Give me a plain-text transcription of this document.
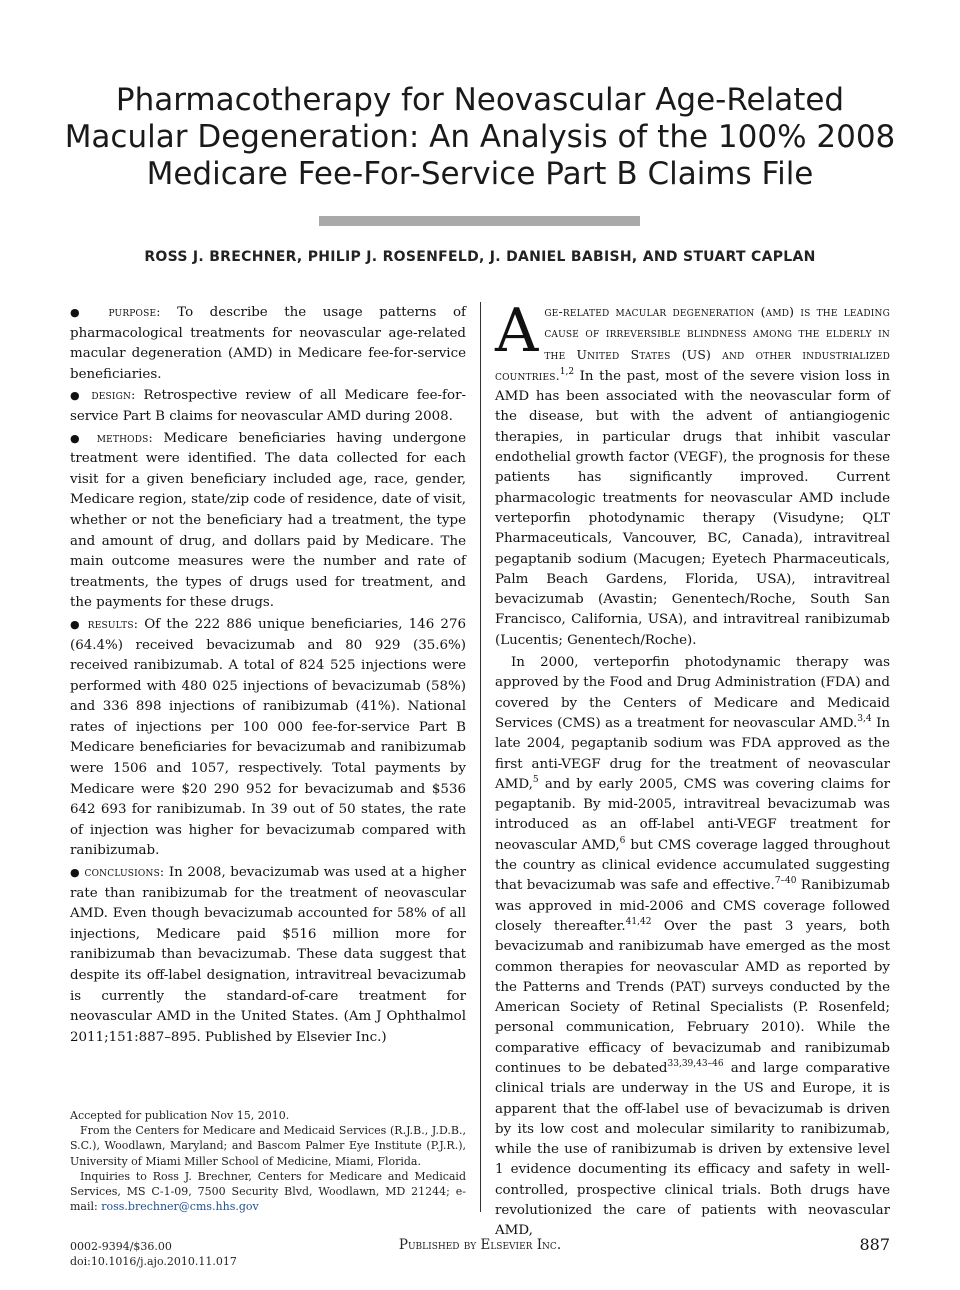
Pharmacotherapy for Neovascular Age-Related Macular Degeneration: An Analysis of the 100% 2008 Medicare Fee-For-Service Part B Claims File
ROSS J. BRECHNER, PHILIP J. ROSENFELD, J. DANIEL BABISH, AND STUART CAPLAN

● purpose: To describe the usage patterns of pharmacological treatments for neovascular age-related macular degeneration (AMD) in Medicare fee-for-service beneficiaries.

● design: Retrospective review of all Medicare fee-for-service Part B claims for neovascular AMD during 2008.

● methods: Medicare beneficiaries having undergone treatment were identified. The data collected for each visit for a given beneficiary included age, race, gender, Medicare region, state/zip code of residence, date of visit, whether or not the beneficiary had a treatment, the type and amount of drug, and dollars paid by Medicare. The main outcome measures were the number and rate of treatments, the types of drugs used for treatment, and the payments for these drugs.

● results: Of the 222 886 unique beneficiaries, 146 276 (64.4%) received bevacizumab and 80 929 (35.6%) received ranibizumab. A total of 824 525 injections were performed with 480 025 injections of bevacizumab (58%) and 336 898 injections of ranibizumab (41%). National rates of injections per 100 000 fee-for-service Part B Medicare beneficiaries for bevacizumab and ranibizumab were 1506 and 1057, respectively. Total payments by Medicare were $20 290 952 for bevacizumab and $536 642 693 for ranibizumab. In 39 out of 50 states, the rate of injection was higher for bevacizumab compared with ranibizumab.

● conclusions: In 2008, bevacizumab was used at a higher rate than ranibizumab for the treatment of neovascular AMD. Even though bevacizumab accounted for 58% of all injections, Medicare paid $516 million more for ranibizumab than bevacizumab. These data suggest that despite its off-label designation, intravitreal bevacizumab is currently the standard-of-care treatment for neovascular AMD in the United States. (Am J Ophthalmol 2011;151:887–895. Published by Elsevier Inc.)

Age-related macular degeneration (amd) is the leading cause of irreversible blindness among the elderly in the United States (US) and other industrialized countries.$^{1,2}$ In the past, most of the severe vision loss in AMD has been associated with the neovascular form of the disease, but with the advent of antiangiogenic therapies, in particular drugs that inhibit vascular endothelial growth factor (VEGF), the prognosis for these patients has significantly improved. Current pharmacologic treatments for neovascular AMD include verteporfin photodynamic therapy (Visudyne; QLT Pharmaceuticals, Vancouver, BC, Canada), intravitreal pegaptanib sodium (Macugen; Eyetech Pharmaceuticals, Palm Beach Gardens, Florida, USA), intravitreal bevacizumab (Avastin; Genentech/Roche, South San Francisco, California, USA), and intravitreal ranibizumab (Lucentis; Genentech/Roche).

In 2000, verteporfin photodynamic therapy was approved by the Food and Drug Administration (FDA) and covered by the Centers of Medicare and Medicaid Services (CMS) as a treatment for neovascular AMD.$^{3,4}$ In late 2004, pegaptanib sodium was FDA approved as the first anti-VEGF drug for the treatment of neovascular AMD,$^5$ and by early 2005, CMS was covering claims for pegaptanib. By mid-2005, intravitreal bevacizumab was introduced as an off-label anti-VEGF treatment for neovascular AMD,$^6$ but CMS coverage lagged throughout the country as clinical evidence accumulated suggesting that bevacizumab was safe and effective.$^{7-40}$ Ranibizumab was approved in mid-2006 and CMS coverage followed closely thereafter.$^{41,42}$ Over the past 3 years, both bevacizumab and ranibizumab have emerged as the most common therapies for neovascular AMD as reported by the Patterns and Trends (PAT) surveys conducted by the American Society of Retinal Specialists (P. Rosenfeld; personal communication, February 2010). While the comparative efficacy of bevacizumab and ranibizumab continues to be debated$^{33,39,43-46}$ and large comparative clinical trials are underway in the US and Europe, it is apparent that the off-label use of bevacizumab is driven by its low cost and molecular similarity to ranibizumab, while the use of ranibizumab is driven by extensive level 1 evidence documenting its efficacy and safety in well-controlled, prospective clinical trials. Both drugs have revolutionized the care of patients with neovascular AMD,

Accepted for publication Nov 15, 2010.

From the Centers for Medicare and Medicaid Services (R.J.B., J.D.B., S.C.), Woodlawn, Maryland; and Bascom Palmer Eye Institute (P.J.R.), University of Miami Miller School of Medicine, Miami, Florida.

Inquiries to Ross J. Brechner, Centers for Medicare and Medicaid Services, MS C-1-09, 7500 Security Blvd, Woodlawn, MD 21244; e-mail: ross.brechner@cms.hhs.gov

0002-9394/$36.00
doi:10.1016/j.ajo.2010.11.017
Published by Elsevier Inc.	887
